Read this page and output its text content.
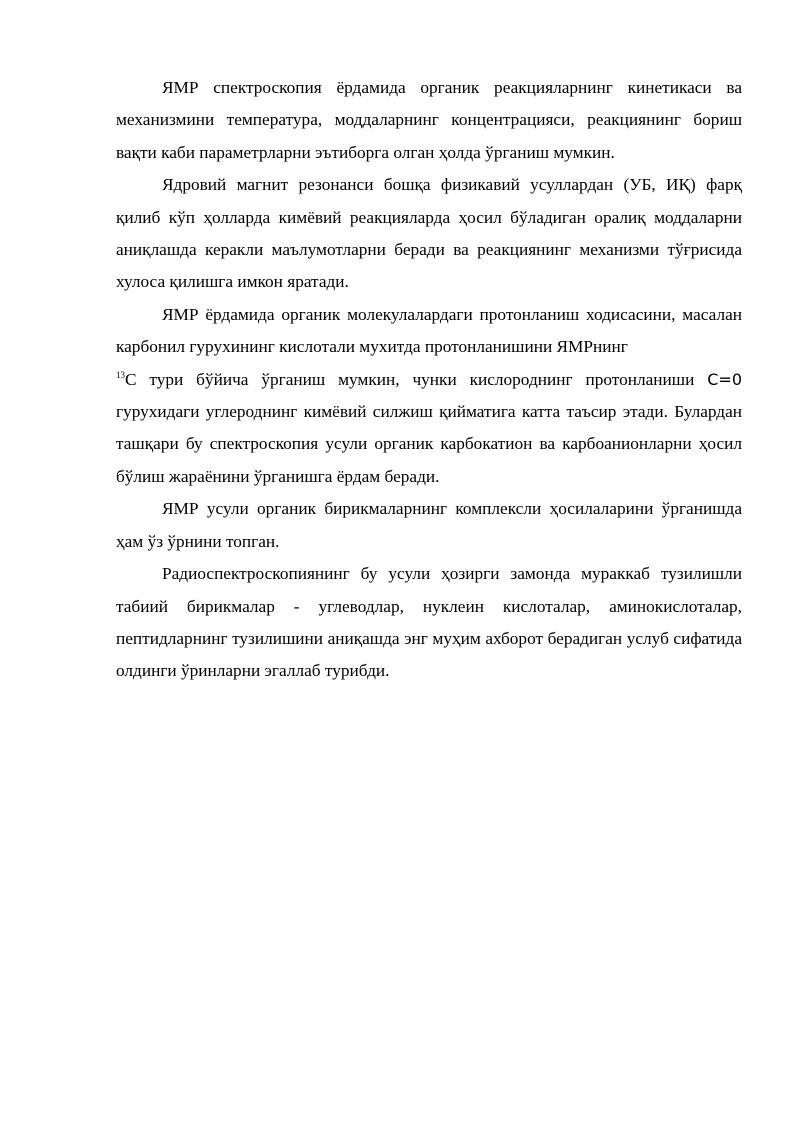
ЯМР спектроскопия ёрдамида органик реакцияларнинг кинетикаси ва механизмини температура, моддаларнинг концентрацияси, реакциянинг бориш вақти каби параметрларни эътиборга олган ҳолда ўрганиш мумкин.

Ядровий магнит резонанси бошқа физикавий усуллардан (УБ, ИҚ) фарқ қилиб кўп ҳолларда кимёвий реакцияларда ҳосил бўладиган оралиқ моддаларни аниқлашда керакли маълумотларни беради ва реакциянинг механизми тўғрисида хулоса қилишга имкон яратади.

ЯМР ёрдамида органик молекулалардаги протонланиш ходисасини, масалан карбонил гурухининг кислотали мухитда протонланишини ЯМРнинг
$^{13}$С тури бўйича ўрганиш мумкин, чунки кислороднинг протонланиши С=0 гурухидаги углероднинг кимёвий силжиш қийматига катта таъсир этади. Булардан ташқари бу спектроскопия усули органик карбокатион ва карбоанионларни ҳосил бўлиш жараёнини ўрганишга ёрдам беради.

ЯМР усули органик бирикмаларнинг комплексли ҳосилаларини ўрганишда ҳам ўз ўрнини топган.

Радиоспектроскопиянинг бу усули ҳозирги замонда мураккаб тузилишли табиий бирикмалар - углеводлар, нуклеин кислоталар, аминокислоталар, пептидларнинг тузилишини аниқашда энг муҳим ахборот берадиган услуб сифатида олдинги ўринларни эгаллаб турибди.
